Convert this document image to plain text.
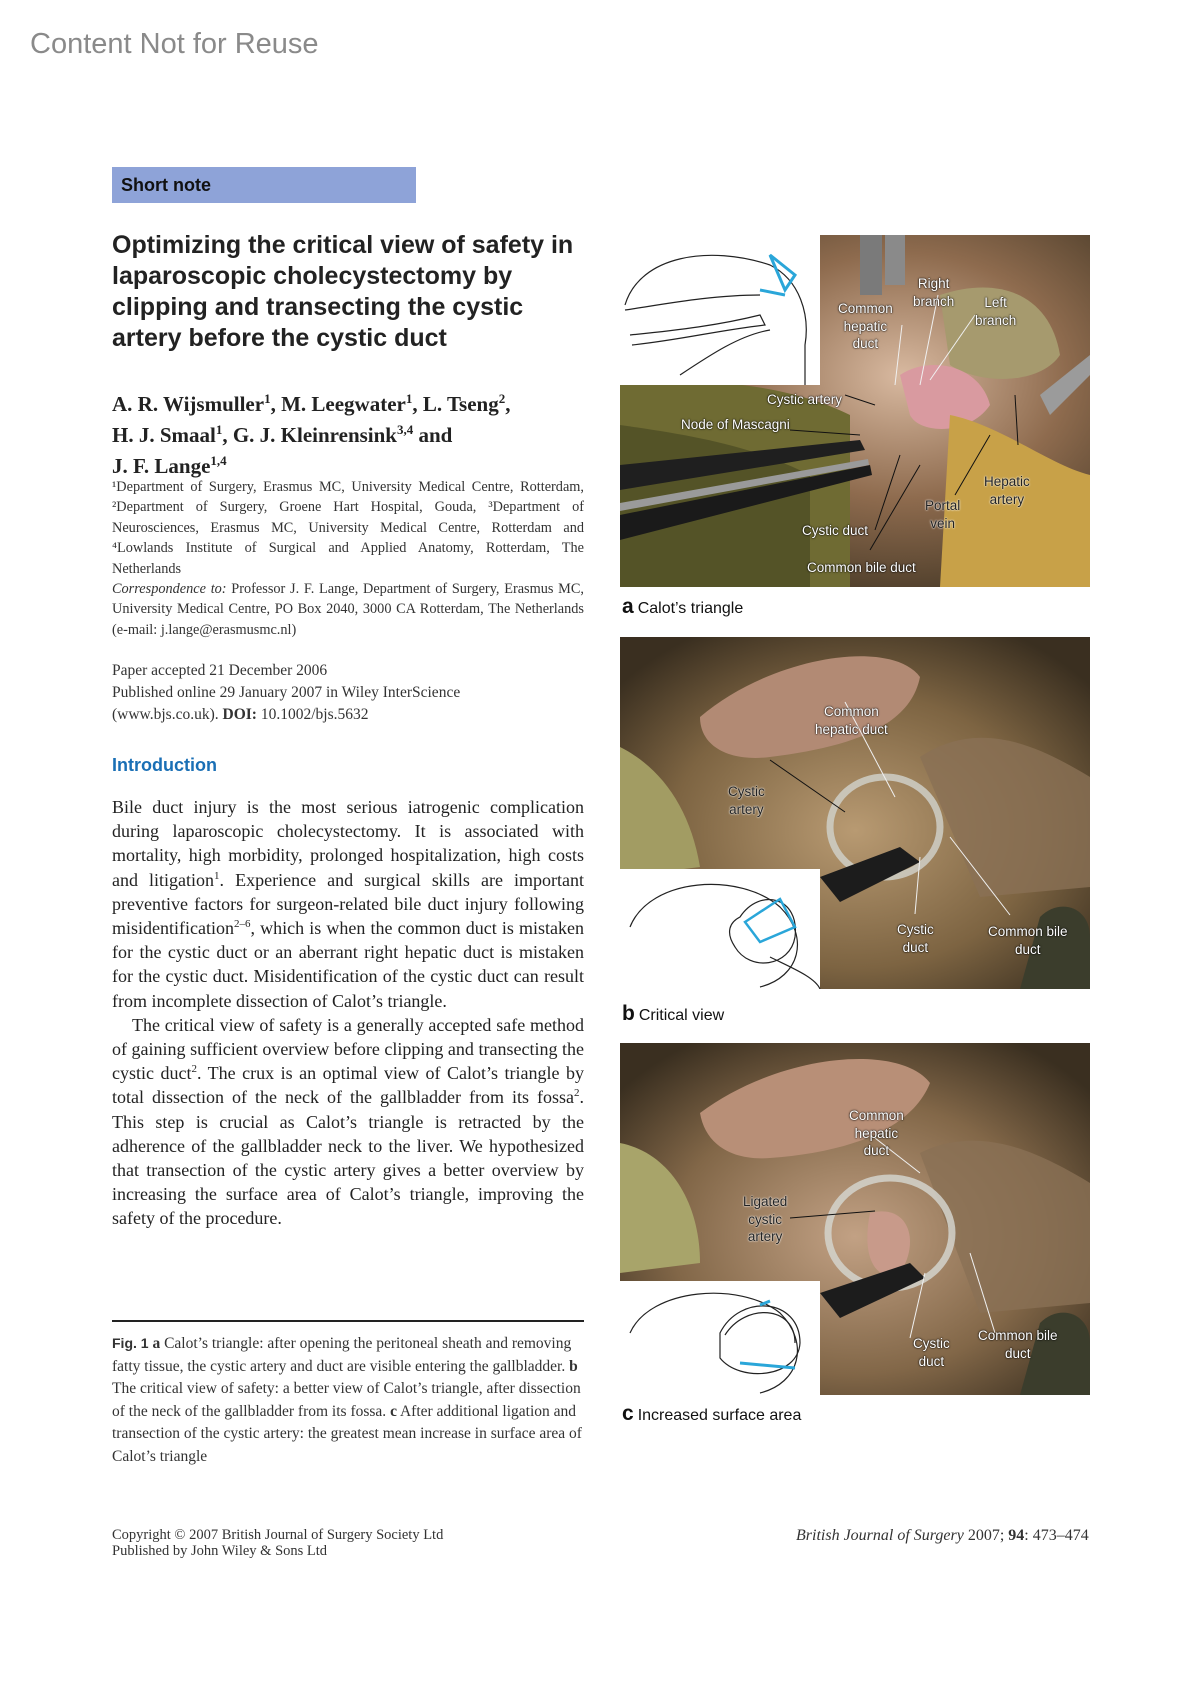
Content Not for Reuse
Short note
Optimizing the critical view of safety in laparoscopic cholecystectomy by clipping and transecting the cystic artery before the cystic duct
A. R. Wijsmuller$^1$, M. Leegwater$^1$, L. Tseng$^2$,
H. J. Smaal$^1$, G. J. Kleinrensink$^{3,4}$ and
J. F. Lange$^{1,4}$

¹Department of Surgery, Erasmus MC, University Medical Centre, Rotterdam, ²Department of Surgery, Groene Hart Hospital, Gouda, ³Department of Neurosciences, Erasmus MC, University Medical Centre, Rotterdam and ⁴Lowlands Institute of Surgical and Applied Anatomy, Rotterdam, The Netherlands

Correspondence to: Professor J. F. Lange, Department of Surgery, Erasmus MC, University Medical Centre, PO Box 2040, 3000 CA Rotterdam, The Netherlands (e-mail: j.lange@erasmusmc.nl)

Paper accepted 21 December 2006
Published online 29 January 2007 in Wiley InterScience
(www.bjs.co.uk). DOI: 10.1002/bjs.5632
Introduction

Bile duct injury is the most serious iatrogenic complication during laparoscopic cholecystectomy. It is associated with mortality, high morbidity, prolonged hospitalization, high costs and litigation$^1$. Experience and surgical skills are important preventive factors for surgeon-related bile duct injury following misidentification$^{2-6}$, which is when the common duct is mistaken for the cystic duct or an aberrant right hepatic duct is mistaken for the cystic duct. Misidentification of the cystic duct can result from incomplete dissection of Calot’s triangle.

The critical view of safety is a generally accepted safe method of gaining sufficient overview before clipping and transecting the cystic duct$^2$. The crux is an optimal view of Calot’s triangle by total dissection of the neck of the gallbladder from its fossa$^2$. This step is crucial as Calot’s triangle is retracted by the adherence of the gallbladder neck to the liver. We hypothesized that transection of the cystic artery gives a better overview by increasing the surface area of Calot’s triangle, improving the safety of the procedure.

Fig. 1 a Calot’s triangle: after opening the peritoneal sheath and removing fatty tissue, the cystic artery and duct are visible entering the gallbladder. b The critical view of safety: a better view of Calot’s triangle, after dissection of the neck of the gallbladder from its fossa. c After additional ligation and transection of the cystic artery: the greatest mean increase in surface area of Calot’s triangle
Copyright © 2007 British Journal of Surgery Society Ltd
Published by John Wiley & Sons Ltd
British Journal of Surgery 2007; 94: 473–474
Common
hepatic
duct
Right
branch	Left
branch
Cystic artery
Node of Mascagni
Hepatic
artery
Portal
vein
Cystic duct
Common bile duct
a Calot’s triangle
Common
hepatic duct
Cystic
artery
Cystic
duct
Common bile
duct
b Critical view
Common
hepatic
duct
Ligated
cystic
artery
Cystic
duct
Common bile
duct
c Increased surface area
